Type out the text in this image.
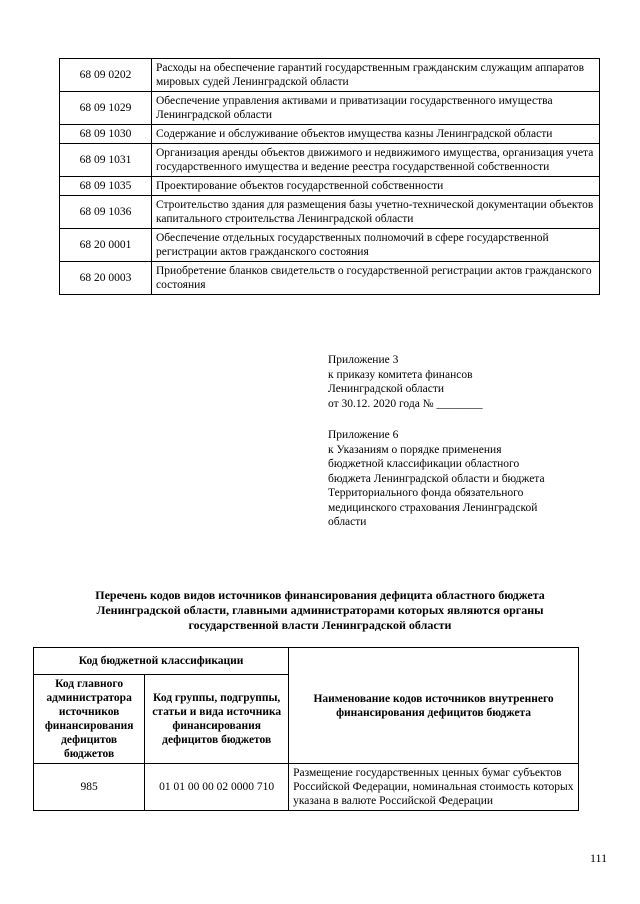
68 09 0202	Расходы на обеспечение гарантий государственным гражданским служащим аппаратов мировых судей Ленинградской области
68 09 1029	Обеспечение управления активами и приватизации государственного имущества Ленинградской области
68 09 1030	Содержание и обслуживание объектов имущества казны Ленинградской области
68 09 1031	Организация аренды объектов движимого и недвижимого имущества, организация учета государственного имущества и ведение реестра государственной собственности
68 09 1035	Проектирование объектов государственной собственности
68 09 1036	Строительство здания для размещения базы учетно-технической документации объектов капитального строительства Ленинградской области
68 20 0001	Обеспечение отдельных государственных полномочий в сфере государственной регистрации актов гражданского состояния
68 20 0003	Приобретение бланков свидетельств о государственной регистрации актов гражданского состояния
Приложение 3
к приказу комитета финансов
Ленинградской области
от 30.12. 2020 года № ________
Приложение 6
к Указаниям о порядке применения
бюджетной классификации областного
бюджета Ленинградской области и бюджета
Территориального фонда обязательного
медицинского страхования Ленинградской
области
Перечень кодов видов источников финансирования дефицита областного бюджета
Ленинградской области, главными администраторами которых являются органы
государственной власти Ленинградской области
Код бюджетной классификации		Наименование кодов источников внутреннего финансирования дефицитов бюджета
Код главного администратора источников финансирования дефицитов бюджетов	Код группы, подгруппы, статьи и вида источника финансирования дефицитов бюджетов	
985	01 01 00 00 02 0000 710	Размещение государственных ценных бумаг субъектов Российской Федерации, номинальная стоимость которых указана в валюте Российской Федерации
111
